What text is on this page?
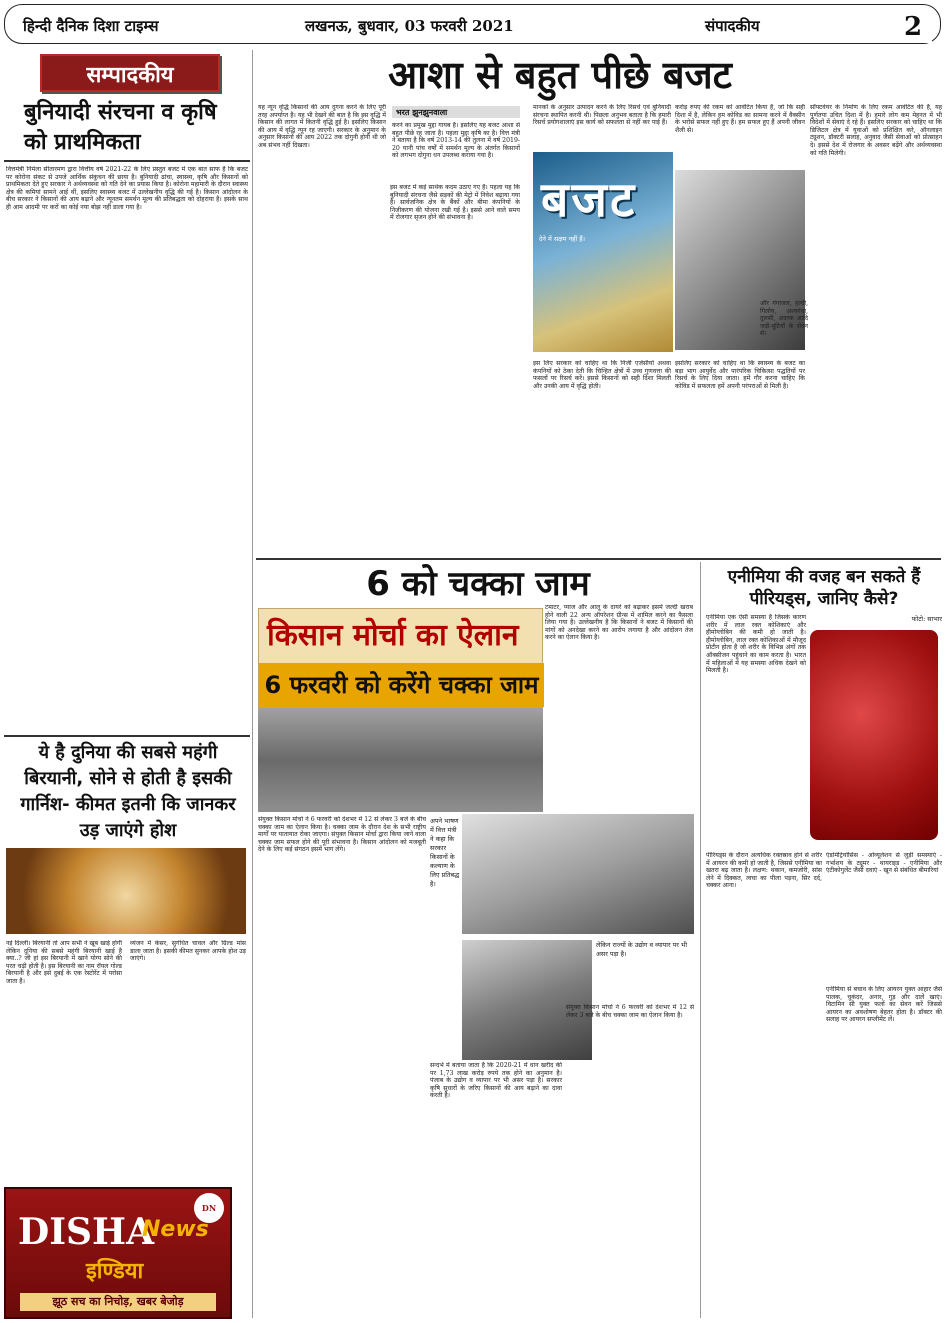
हिन्दी दैनिक दिशा टाइम्स	लखनऊ, बुधवार, 03 फरवरी 2021	संपादकीय	2
सम्पादकीय
बुनियादी संरचना व कृषि को प्राथमिकता
वित्तमंत्री निर्मला सीतारमण द्वारा वित्तीय वर्ष 2021-22 के लिए प्रस्तुत बजट में एक बात साफ है कि बजट पर कोरोना संकट से उपजे आर्थिक संकुचन की छाया है। बुनियादी ढांचा, स्वास्थ्य, कृषि और किसानों को प्राथमिकता देते हुए सरकार ने अर्थव्यवस्था को गति देने का प्रयास किया है। कोरोना महामारी के दौरान स्वास्थ्य क्षेत्र की कमियां सामने आई थीं, इसलिए स्वास्थ्य बजट में उल्लेखनीय वृद्धि की गई है। किसान आंदोलन के बीच सरकार ने किसानों की आय बढ़ाने और न्यूनतम समर्थन मूल्य की प्रतिबद्धता को दोहराया है। इसके साथ ही आम आदमी पर करों का कोई नया बोझ नहीं डाला गया है।
ये है दुनिया की सबसे महंगी बिरयानी, सोने से होती है इसकी गार्निश- कीमत इतनी कि जानकर उड़ जाएंगे होश
नई दिल्ली। बिरयानी तो आप सभी ने खूब खाई होगी लेकिन दुनिया की सबसे महंगी बिरयानी खाई है क्या..? जी हां इस बिरयानी में खाने योग्य सोने की परत चढ़ी होती है। इस बिरयानी का नाम रॉयल गोल्ड बिरयानी है और इसे दुबई के एक रेस्टोरेंट में परोसा जाता है।
व्यंजन में केसर, सुगंधित चावल और ग्रिल्ड मांस डाला जाता है। इसकी कीमत सुनकर आपके होश उड़ जाएंगे।
DN
DISHA
News
इण्डिया
झूठ सच का निचोड़, खबर बेजोड़
आशा से बहुत पीछे बजट
यह न्यून वृद्धि किसानों की आय दुगना करने के लिए पूरी तरह अपर्याप्त है। यह भी देखने की बात है कि इस वृद्धि में किसान की लागत में कितनी वृद्धि हुई है। इसलिए किसान की आय में वृद्धि न्यून रह जाएगी। सरकार के अनुमान के अनुसार किसानों की आय 2022 तक दोगुनी होनी थी जो अब संभव नहीं दिखता।
इस बजट में कई सार्थक कदम उठाए गए हैं। पहला यह कि बुनियादी संरचना जैसे सड़कों की मेट्रो में निवेश बढ़ाया गया है। सार्वजनिक क्षेत्र के बैंकों और बीमा कंपनियों के निजीकरण की योजना रखी गई है। इससे आने वाले समय में रोजगार सृजन होने की संभावना है।
भरत झुनझुनवाला
करने का प्रमुख मुद्दा गायब है। इसलिए यह बजट आशा से बहुत पीछे रह जाता है। पहला मुद्दा कृषि का है। वित्त मंत्री ने बताया है कि वर्ष 2013-14 की तुलना में वर्ष 2019-20 यानी पांच वर्षों में समर्थन मूल्य के अंतर्गत किसानों को लगभग दोगुना धन उपलब्ध कराया गया है।
मानकों के अनुसार उत्पादन करने के लिए रिसर्च एवं बुनियादी संरचना स्थापित करनी थी। पिछला अनुभव बताता है कि हमारी रिसर्च प्रयोगशालाएं इस कार्य को सफलता से नहीं कर पाई हैं।
करोड़ रुपए की रकम को आवंटित किया है, जो कि सही दिशा में है, लेकिन हम कोविड का सामना करने में वैक्सीन के भरोसे सफल नहीं हुए हैं। हम सफल हुए हैं अपनी जीवन शैली से।
बजट
देने में सक्षम नहीं हैं।
और गंगाजल, हल्दी, गिलोय, अश्वगंधा, तुलसी, अदरक आदि जड़ी-बूटियों के सेवन से।
इस लिए सरकार को चाहिए था कि निजी एजेंसीयों अथवा कंपनियों को ठेका देती कि चिन्हित क्षेत्रों में उच्च गुणवत्ता की फसलों पर रिसर्च करें। इससे किसानों को सही दिशा मिलती और उनकी आय में वृद्धि होती।
इसलिए सरकार को चाहिए था कि स्वास्थ्य के बजट का बड़ा भाग आयुर्वेद और पारंपरिक चिकित्सा पद्धतियों पर रिसर्च के लिए दिया जाता। हमें गौर करना चाहिए कि कोविड में सफलता हमें अपनी परंपराओं से मिली है।
सॉफ्टवेयर के निर्माण के लिए रकम आवंटित की है, यह पूर्णतया उचित दिशा में है। हमारे लोग कम मेहनत में भी विदेशों में सेवाएं दे रहे हैं। इसलिए सरकार को चाहिए था कि डिजिटल क्षेत्र में युवाओं को प्रशिक्षित करे, ऑनलाइन ट्यूशन, डॉक्टरी सलाह, अनुवाद जैसी सेवाओं को प्रोत्साहन दे। इससे देश में रोजगार के अवसर बढ़ेंगे और अर्थव्यवस्था को गति मिलेगी।
6 को चक्का जाम
किसान मोर्चा का ऐलान
6 फरवरी को करेंगे चक्का जाम
टमाटर, प्याज और आलू के दायरे को बढ़ाकर इसमें जल्दी खराब होने वाली 22 अन्य ऑपरेशन ग्रीन्स में शामिल करने का फैसला लिया गया है। उल्लेखनीय है कि किसानों ने बजट में किसानों की मांगों को अनदेखा करने का आरोप लगाया है और आंदोलन तेज करने का ऐलान किया है।
संयुक्त किसान मोर्चा ने 6 फरवरी को देशभर में 12 से लेकर 3 बजे के बीच चक्का जाम का ऐलान किया है। चक्का जाम के दौरान देश के सभी राष्ट्रीय मार्गों पर यातायात रोका जाएगा। संयुक्त किसान मोर्चा द्वारा किया जाने वाला चक्का जाम सफल होने की पूरी संभावना है। किसान आंदोलन को मजबूती देने के लिए कई संगठन इसमें भाग लेंगे।
अपने भाषण में वित्त मंत्री ने कहा कि सरकार किसानों के कल्याण के लिए प्रतिबद्ध है।
लेकिन राज्यों के उद्योग व व्यापार पर भी असर पड़ा है।
सन्दर्भ में बताया जाता है कि 2020-21 में धान खरीद की पर 1,73 लाख करोड़ रुपये तक होने का अनुमान है। पंजाब के उद्योग व व्यापार पर भी असर पड़ा है। सरकार कृषि सुधारों के जरिए किसानों की आय बढ़ाने का दावा करती है।
संयुक्त किसान मोर्चा ने 6 फरवरी को देशभर में 12 से लेकर 3 बजे के बीच चक्का जाम का ऐलान किया है।
एनीमिया की वजह बन सकते हैं पीरियड्स, जानिए कैसे?
एनीमिया एक ऐसी समस्या है जिसके कारण शरीर में लाल रक्त कोशिकाएं और हीमोग्लोबिन की कमी हो जाती है। हीमोग्लोबिन, लाल रक्त कोशिकाओं में मौजूद प्रोटीन होता है जो शरीर के विभिन्न अंगों तक ऑक्सीजन पहुंचाने का काम करता है। भारत में महिलाओं में यह समस्या अधिक देखने को मिलती है।
फोटो: साभार
पीरियड्स के दौरान अत्यधिक रक्तस्राव होने से शरीर में आयरन की कमी हो जाती है, जिससे एनीमिया का खतरा बढ़ जाता है। लक्षण: थकान, कमजोरी, सांस लेने में दिक्कत, त्वचा का पीला पड़ना, सिर दर्द, चक्कर आना।
एंडोमेट्रियोसिस - ओव्यूलेशन से जुड़ी समस्याएं - गर्भाशय के ट्यूमर - थायराइड - एनीमिया और एंटीकोगुलेंट जैसी दवाएं - खून से संबंधित बीमारियां
एनीमिया से बचाव के लिए आयरन युक्त आहार जैसे पालक, चुकंदर, अनार, गुड़ और दालें खाएं। विटामिन सी युक्त फलों का सेवन करें जिससे आयरन का अवशोषण बेहतर होता है। डॉक्टर की सलाह पर आयरन सप्लीमेंट लें।
